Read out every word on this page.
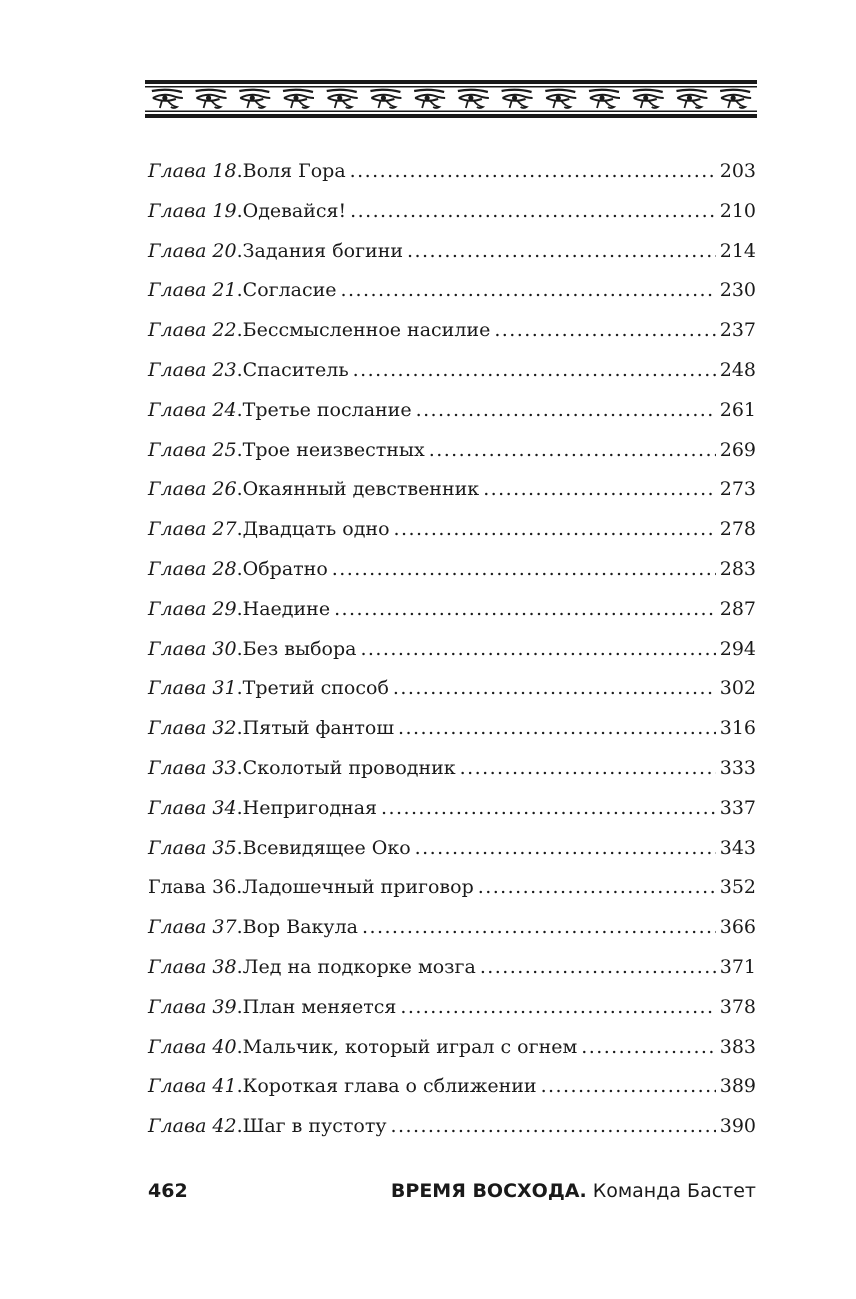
Глава 18 . Воля Гора . . .	203
Глава 19 . Одевайся! . . .	210
Глава 20 . Задания богини . . .	214
Глава 21 . Согласие . . .	230
Глава 22 . Бессмысленное насилие . . .	237
Глава 23 . Спаситель . . .	248
Глава 24 . Третье послание . . .	261
Глава 25 . Трое неизвестных . . .	269
Глава 26 . Окаянный девственник . . .	273
Глава 27 . Двадцать одно . . .	278
Глава 28 . Обратно . . .	283
Глава 29 . Наедине . . .	287
Глава 30 . Без выбора . . .	294
Глава 31 . Третий способ . . .	302
Глава 32 . Пятый фантош . . .	316
Глава 33 . Сколотый проводник . . .	333
Глава 34 . Непригодная . . .	337
Глава 35 . Всевидящее Око . . .	343
Глава 36 . Ладошечный приговор . . .	352
Глава 37 . Вор Вакула . . .	366
Глава 38 . Лед на подкорке мозга . . .	371
Глава 39 . План меняется . . .	378
Глава 40 . Мальчик, который играл с огнем . . .	383
Глава 41 . Короткая глава о сближении . . .	389
Глава 42 . Шаг в пустоту . . .	390
462	ВРЕМЯ ВОСХОДА. Команда Бастет
